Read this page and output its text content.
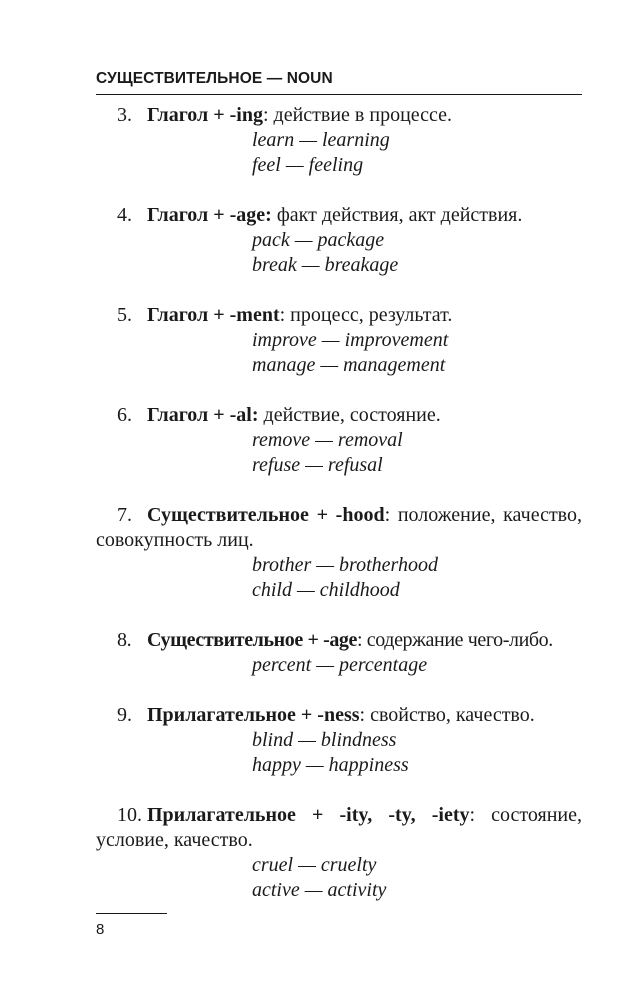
СУЩЕСТВИТЕЛЬНОЕ — NOUN

3. Глагол + -ing: действие в процессе.

learn — learning

feel — feeling

4. Глагол + -age: факт действия, акт действия.

pack — package

break — breakage

5. Глагол + -ment: процесс, результат.

improve — improvement

manage — management

6. Глагол + -al: действие, состояние.

remove — removal

refuse — refusal

7. Существительное + -hood: положение, качество, совокупность лиц.

brother — brotherhood

child — childhood

8. Существительное + -age: содержание чего-либо.

percent — percentage

9. Прилагательное + -ness: свойство, качество.

blind — blindness

happy — happiness

10. Прилагательное + -ity, -ty, -iety: состояние, условие, качество.

cruel — cruelty

active — activity

8
